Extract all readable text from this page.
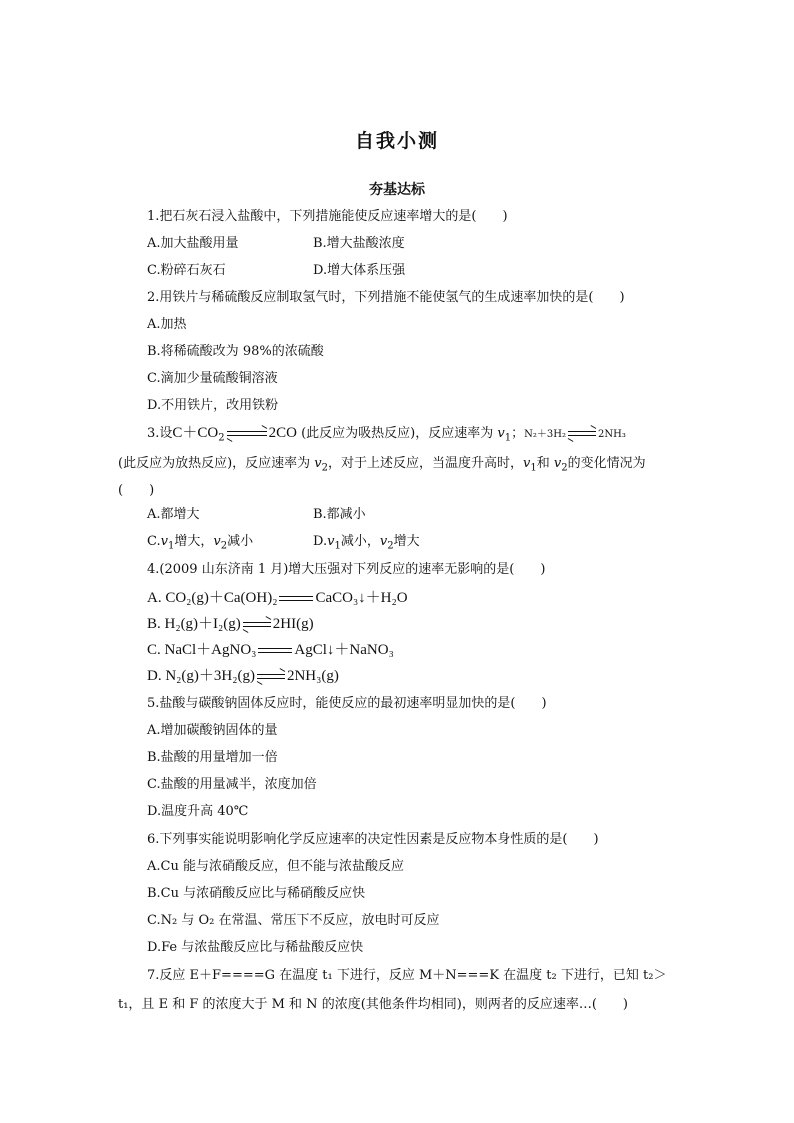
自我小测
夯基达标
1.把石灰石浸入盐酸中，下列措施能使反应速率增大的是(　　)
A.加大盐酸用量	B.增大盐酸浓度
C.粉碎石灰石	D.增大体系压强
2.用铁片与稀硫酸反应制取氢气时，下列措施不能使氢气的生成速率加快的是(　　)
A.加热
B.将稀硫酸改为 98%的浓硫酸
C.滴加少量硫酸铜溶液
D.不用铁片，改用铁粉
3.设$C+CO_2$	2CO (此反应为吸热反应)，反应速率为 $v_1$；N₂＋3H₂	2NH₃
(此反应为放热反应)，反应速率为 $v_2$，对于上述反应，当温度升高时，$v_1$和 $v_2$的变化情况为
(　　)
A.都增大	B.都减小
$C.v_1$增大，$v_2$减小	$D.v_1$减小，$v_2$增大
4.(2009 山东济南 1 月)增大压强对下列反应的速率无影响的是(　　)
A. CO₂(g)＋Ca(OH)₂	CaCO₃↓＋H₂O
B. H₂(g)＋I₂(g) 2HI(g)
C. NaCl＋AgNO₃	AgCl↓＋NaNO₃
D. N₂(g)＋3H₂(g) 2NH₃(g)
5.盐酸与碳酸钠固体反应时，能使反应的最初速率明显加快的是(　　)
A.增加碳酸钠固体的量
B.盐酸的用量增加一倍
C.盐酸的用量减半，浓度加倍
D.温度升高 40℃
6.下列事实能说明影响化学反应速率的决定性因素是反应物本身性质的是(　　)
A.Cu 能与浓硝酸反应，但不能与浓盐酸反应
B.Cu 与浓硝酸反应比与稀硝酸反应快
C.N₂ 与 O₂ 在常温、常压下不反应，放电时可反应
D.Fe 与浓盐酸反应比与稀盐酸反应快
7.反应 E＋F====G 在温度 t₁ 下进行，反应 M＋N===K 在温度 t₂ 下进行，已知 t₂＞
t₁，且 E 和 F 的浓度大于 M 和 N 的浓度(其他条件均相同)，则两者的反应速率…(　　)
